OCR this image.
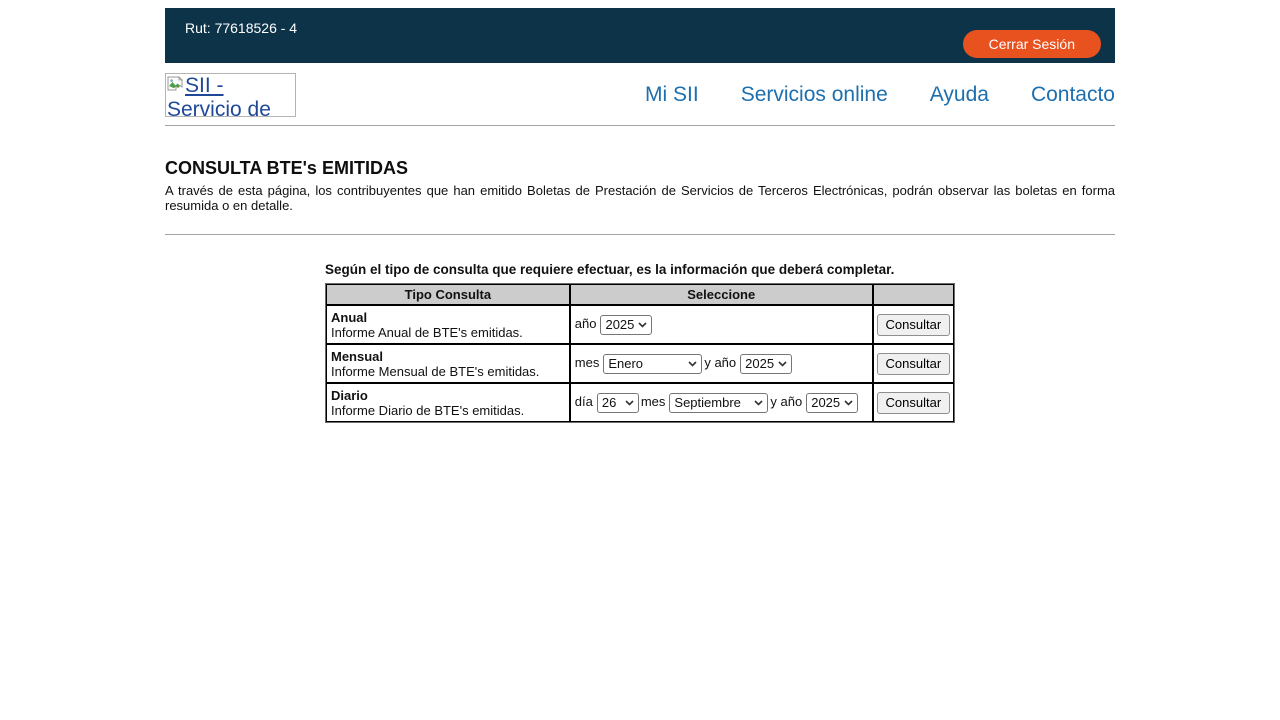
Rut: 77618526 - 4
Cerrar Sesión
SII - Servicio de
Mi SII Servicios online Ayuda Contacto
CONSULTA BTE's EMITIDAS

A través de esta página, los contribuyentes que han emitido Boletas de Prestación de Servicios de Terceros Electrónicas, podrán observar las boletas en forma resumida o en detalle.

Según el tipo de consulta que requiere efectuar, es la información que deberá completar.

Tipo Consulta	Seleccione	
Anual
Informe Anual de BTE's emitidas.	año 2025	Consultar
Mensual
Informe Mensual de BTE's emitidas.	mes Enero y año 2025	Consultar
Diario
Informe Diario de BTE's emitidas.	día 26 mes Septiembre y año 2025	Consultar
